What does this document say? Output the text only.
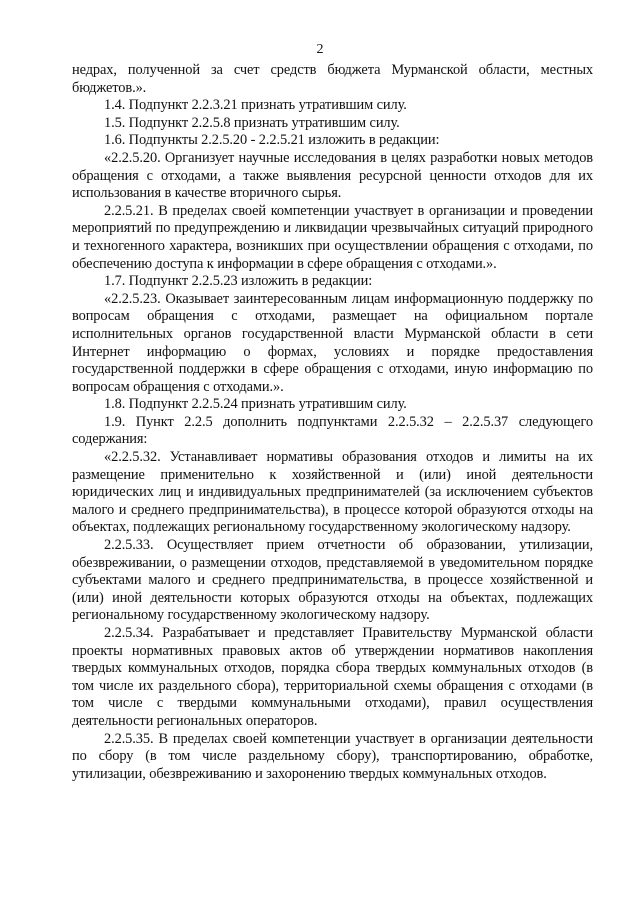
2

недрах, полученной за счет средств бюджета Мурманской области, местных бюджетов.».

1.4. Подпункт 2.2.3.21 признать утратившим силу.

1.5. Подпункт 2.2.5.8 признать утратившим силу.

1.6. Подпункты 2.2.5.20 - 2.2.5.21 изложить в редакции:

«2.2.5.20. Организует научные исследования в целях разработки новых методов обращения с отходами, а также выявления ресурсной ценности отходов для их использования в качестве вторичного сырья.

2.2.5.21. В пределах своей компетенции участвует в организации и проведении мероприятий по предупреждению и ликвидации чрезвычайных ситуаций природного и техногенного характера, возникших при осуществлении обращения с отходами, по обеспечению доступа к информации в сфере обращения с отходами.».

1.7. Подпункт 2.2.5.23 изложить в редакции:

«2.2.5.23. Оказывает заинтересованным лицам информационную поддержку по вопросам обращения с отходами, размещает на официальном портале исполнительных органов государственной власти Мурманской области в сети Интернет информацию о формах, условиях и порядке предоставления государственной поддержки в сфере обращения с отходами, иную информацию по вопросам обращения с отходами.».

1.8. Подпункт 2.2.5.24 признать утратившим силу.

1.9. Пункт 2.2.5 дополнить подпунктами 2.2.5.32 – 2.2.5.37 следующего содержания:

«2.2.5.32. Устанавливает нормативы образования отходов и лимиты на их размещение применительно к хозяйственной и (или) иной деятельности юридических лиц и индивидуальных предпринимателей (за исключением субъектов малого и среднего предпринимательства), в процессе которой образуются отходы на объектах, подлежащих региональному государственному экологическому надзору.

2.2.5.33. Осуществляет прием отчетности об образовании, утилизации, обезвреживании, о размещении отходов, представляемой в уведомительном порядке субъектами малого и среднего предпринимательства, в процессе хозяйственной и (или) иной деятельности которых образуются отходы на объектах, подлежащих региональному государственному экологическому надзору.

2.2.5.34. Разрабатывает и представляет Правительству Мурманской области проекты нормативных правовых актов об утверждении нормативов накопления твердых коммунальных отходов, порядка сбора твердых коммунальных отходов (в том числе их раздельного сбора), территориальной схемы обращения с отходами (в том числе с твердыми коммунальными отходами), правил осуществления деятельности региональных операторов.

2.2.5.35. В пределах своей компетенции участвует в организации деятельности по сбору (в том числе раздельному сбору), транспортированию, обработке, утилизации, обезвреживанию и захоронению твердых коммунальных отходов.
